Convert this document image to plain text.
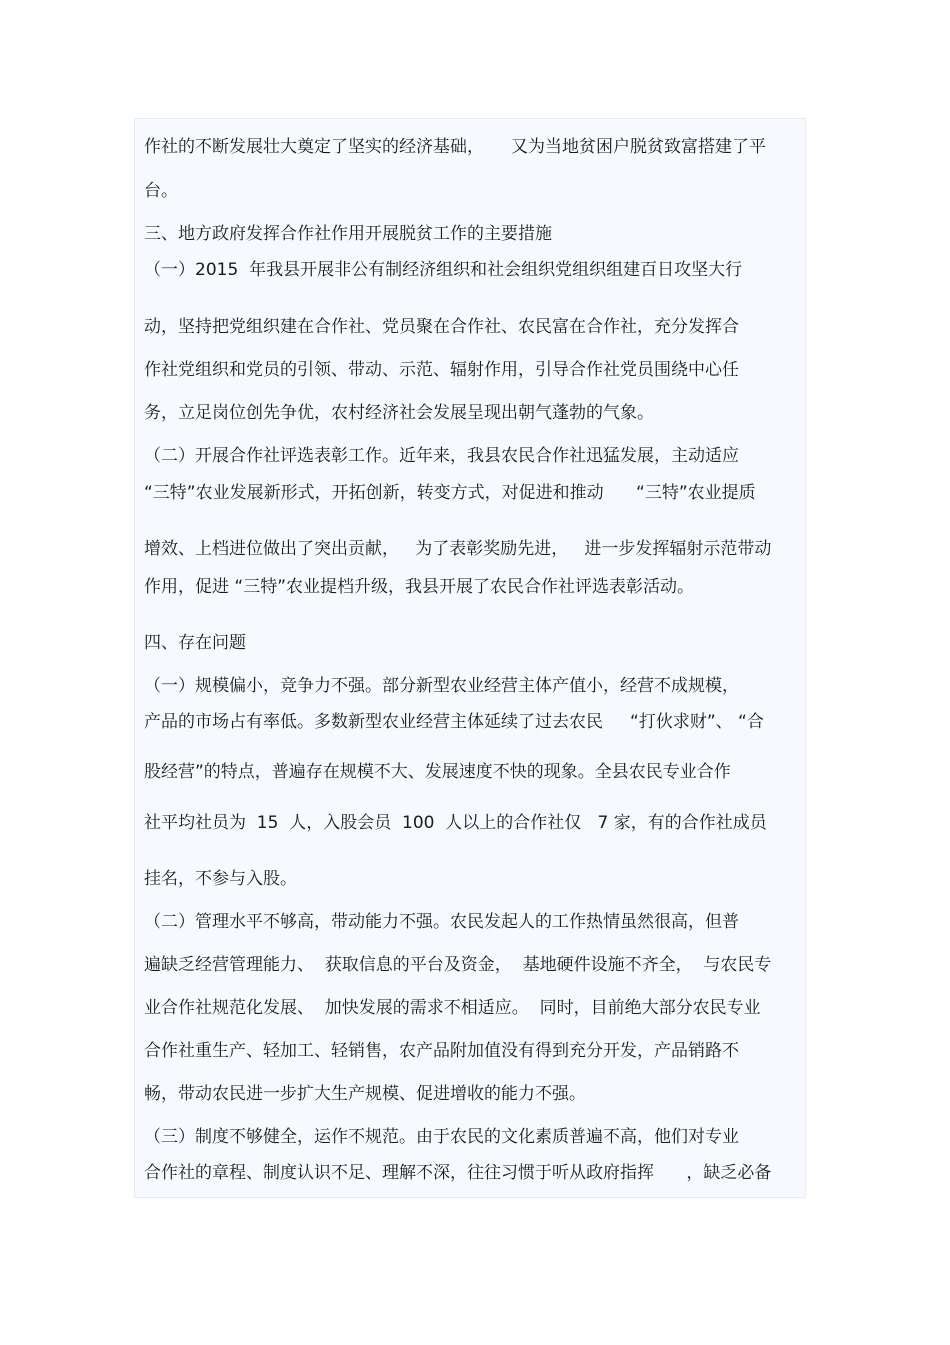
作社的不断发展壮大奠定了坚实的经济基础，     又为当地贫困户脱贫致富搭建了平

台。

三、地方政府发挥合作社作用开展脱贫工作的主要措施

（一）2015  年我县开展非公有制经济组织和社会组织党组织组建百日攻坚大行

动，坚持把党组织建在合作社、党员聚在合作社、农民富在合作社，充分发挥合

作社党组织和党员的引领、带动、示范、辐射作用，引导合作社党员围绕中心任

务，立足岗位创先争优，农村经济社会发展呈现出朝气蓬勃的气象。

（二）开展合作社评选表彰工作。近年来，我县农民合作社迅猛发展，主动适应

“三特”农业发展新形式，开拓创新，转变方式，对促进和推动      “三特”农业提质

增效、上档进位做出了突出贡献，   为了表彰奖励先进，   进一步发挥辐射示范带动

作用，促进 “三特”农业提档升级，我县开展了农民合作社评选表彰活动。

四、存在问题

（一）规模偏小，竞争力不强。部分新型农业经营主体产值小，经营不成规模，

产品的市场占有率低。多数新型农业经营主体延续了过去农民     “打伙求财”、 “合

股经营”的特点，普遍存在规模不大、发展速度不快的现象。全县农民专业合作

社平均社员为  15  人，入股会员  100  人以上的合作社仅   7 家，有的合作社成员

挂名，不参与入股。

（二）管理水平不够高，带动能力不强。农民发起人的工作热情虽然很高，但普

遍缺乏经营管理能力、  获取信息的平台及资金，  基地硬件设施不齐全，  与农民专

业合作社规范化发展、  加快发展的需求不相适应。  同时，目前绝大部分农民专业

合作社重生产、轻加工、轻销售，农产品附加值没有得到充分开发，产品销路不

畅，带动农民进一步扩大生产规模、促进增收的能力不强。

（三）制度不够健全，运作不规范。由于农民的文化素质普遍不高，他们对专业

合作社的章程、制度认识不足、理解不深，往往习惯于听从政府指挥      ，缺乏必备
